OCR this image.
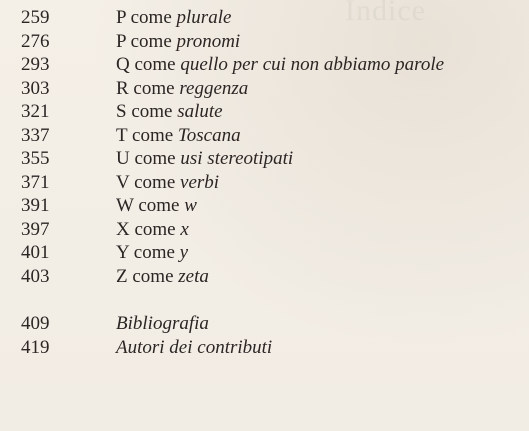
Indice
259	P come plurale
276	P come pronomi
293	Q come quello per cui non abbiamo parole
303	R come reggenza
321	S come salute
337	T come Toscana
355	U come usi stereotipati
371	V come verbi
391	W come w
397	X come x
401	Y come y
403	Z come zeta
409	Bibliografia
419	Autori dei contributi
